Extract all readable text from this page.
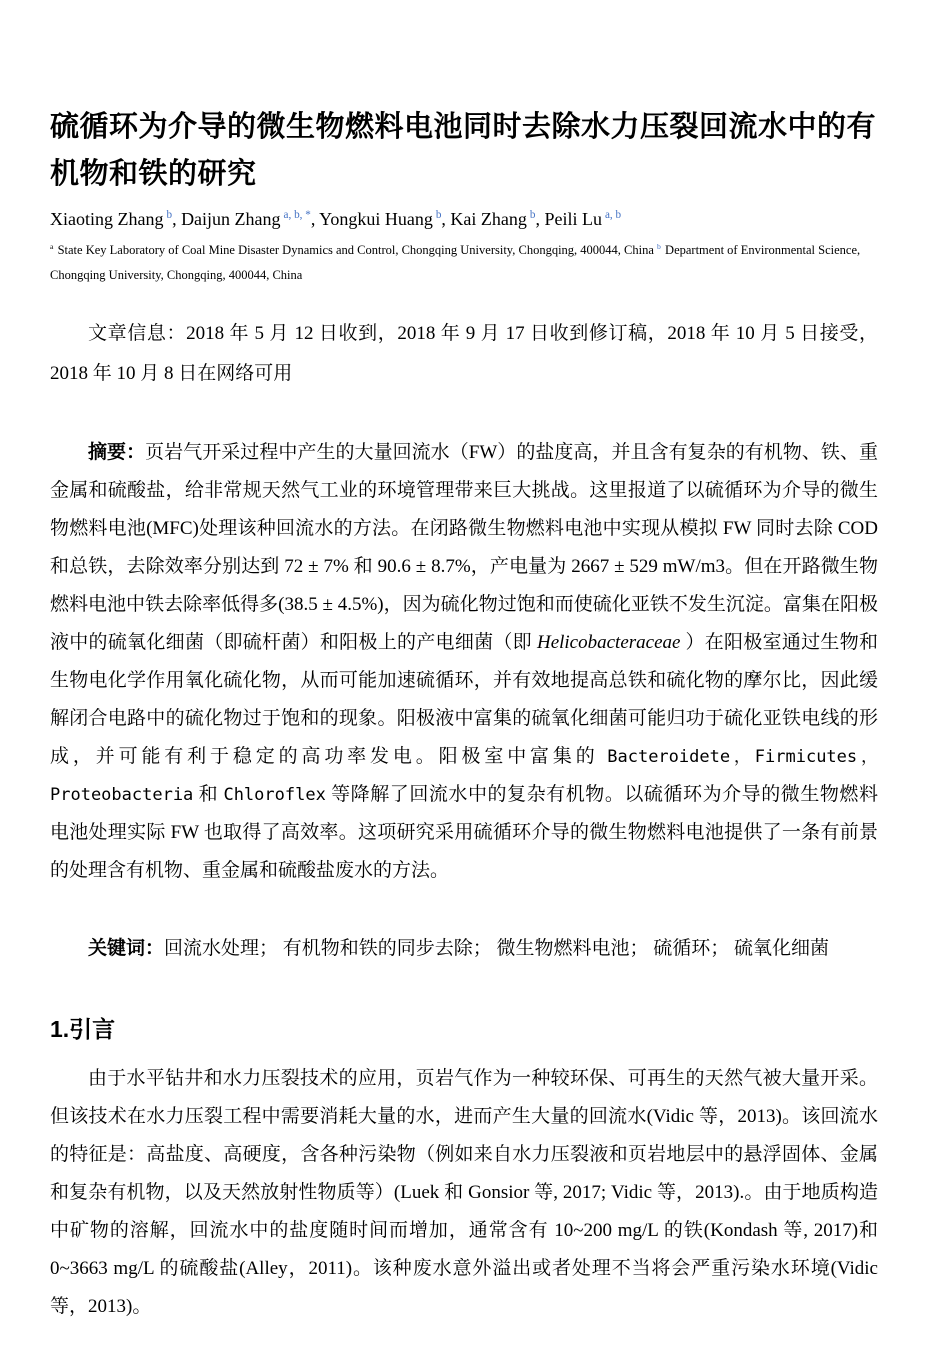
硫循环为介导的微生物燃料电池同时去除水力压裂回流水中的有机物和铁的研究
Xiaoting Zhang $^b$, Daijun Zhang $^{a, b, *}$, Yongkui Huang $^b$, Kai Zhang $^b$, Peili Lu $^{a, b}$
$^a$ State Key Laboratory of Coal Mine Disaster Dynamics and Control, Chongqing University, Chongqing, 400044, China $^b$ Department of Environmental Science, Chongqing University, Chongqing, 400044, China

文章信息：2018 年 5 月 12 日收到，2018 年 9 月 17 日收到修订稿，2018 年 10 月 5 日接受，2018 年 10 月 8 日在网络可用

摘要：页岩气开采过程中产生的大量回流水（FW）的盐度高，并且含有复杂的有机物、铁、重金属和硫酸盐，给非常规天然气工业的环境管理带来巨大挑战。这里报道了以硫循环为介导的微生物燃料电池(MFC)处理该种回流水的方法。在闭路微生物燃料电池中实现从模拟 FW 同时去除 COD 和总铁，去除效率分别达到 72 ± 7% 和 90.6 ± 8.7%，产电量为 2667 ± 529 mW/m3。但在开路微生物燃料电池中铁去除率低得多(38.5 ± 4.5%)，因为硫化物过饱和而使硫化亚铁不发生沉淀。富集在阳极液中的硫氧化细菌（即硫杆菌）和阳极上的产电细菌（即 Helicobacteraceae ）在阳极室通过生物和生物电化学作用氧化硫化物，从而可能加速硫循环，并有效地提高总铁和硫化物的摩尔比，因此缓解闭合电路中的硫化物过于饱和的现象。阳极液中富集的硫氧化细菌可能归功于硫化亚铁电线的形成，并可能有利于稳定的高功率发电。阳极室中富集的 Bacteroidete，Firmicutes，Proteobacteria 和 Chloroflex 等降解了回流水中的复杂有机物。以硫循环为介导的微生物燃料电池处理实际 FW 也取得了高效率。这项研究采用硫循环介导的微生物燃料电池提供了一条有前景的处理含有机物、重金属和硫酸盐废水的方法。

关键词：回流水处理； 有机物和铁的同步去除； 微生物燃料电池； 硫循环； 硫氧化细菌

1.引言

由于水平钻井和水力压裂技术的应用，页岩气作为一种较环保、可再生的天然气被大量开采。但该技术在水力压裂工程中需要消耗大量的水，进而产生大量的回流水(Vidic 等，2013)。该回流水的特征是：高盐度、高硬度，含各种污染物（例如来自水力压裂液和页岩地层中的悬浮固体、金属和复杂有机物，以及天然放射性物质等）(Luek 和 Gonsior 等, 2017; Vidic 等，2013).。由于地质构造中矿物的溶解，回流水中的盐度随时间而增加，通常含有 10~200 mg/L 的铁(Kondash 等, 2017)和0~3663 mg/L 的硫酸盐(Alley，2011)。该种废水意外溢出或者处理不当将会严重污染水环境(Vidic 等，2013)。
